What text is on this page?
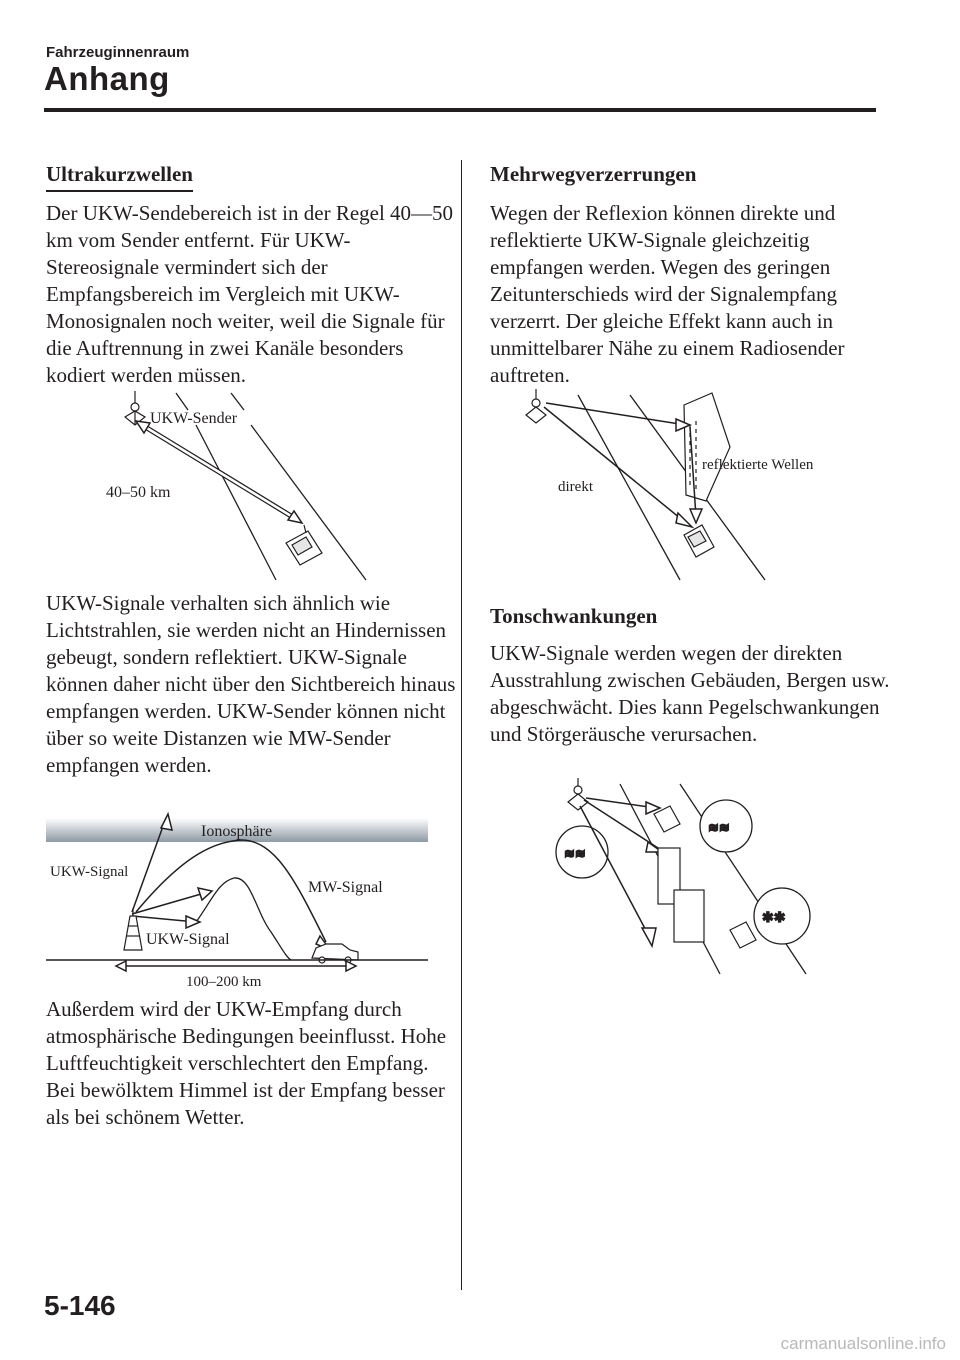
Fahrzeuginnenraum
Anhang
Ultrakurzwellen
Der UKW-Sendebereich ist in der Regel 40―50 km vom Sender entfernt. Für UKW-Stereosignale vermindert sich der Empfangsbereich im Vergleich mit UKW-Monosignalen noch weiter, weil die Signale für die Auftrennung in zwei Kanäle besonders kodiert werden müssen.
UKW-Sender
40–50 km
UKW-Signale verhalten sich ähnlich wie Lichtstrahlen, sie werden nicht an Hindernissen gebeugt, sondern reflektiert. UKW-Signale können daher nicht über den Sichtbereich hinaus empfangen werden. UKW-Sender können nicht über so weite Distanzen wie MW-Sender empfangen werden.
Ionosphäre
UKW-Signal
MW-Signal
UKW-Signal
100–200 km
Außerdem wird der UKW-Empfang durch atmosphärische Bedingungen beeinflusst. Hohe Luftfeuchtigkeit verschlechtert den Empfang. Bei bewölktem Himmel ist der Empfang besser als bei schönem Wetter.
Mehrwegverzerrungen
Wegen der Reflexion können direkte und reflektierte UKW-Signale gleichzeitig empfangen werden. Wegen des geringen Zeitunterschieds wird der Signalempfang verzerrt. Der gleiche Effekt kann auch in unmittelbarer Nähe zu einem Radiosender auftreten.
reflektierte Wellen
direkt
Tonschwankungen
UKW-Signale werden wegen der direkten Ausstrahlung zwischen Gebäuden, Bergen usw. abgeschwächt. Dies kann Pegelschwankungen und Störgeräusche verursachen.
≋≋
≋≋
✱✱
5-146
carmanualsonline.info
